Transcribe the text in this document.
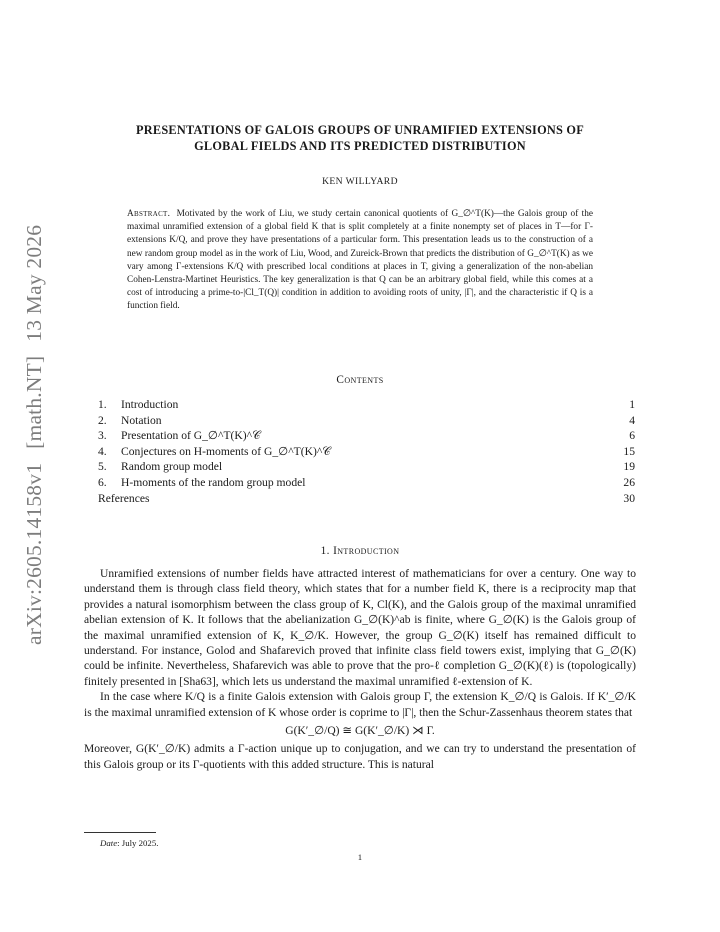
arXiv:2605.14158v1[math.NT]13 May 2026
PRESENTATIONS OF GALOIS GROUPS OF UNRAMIFIED EXTENSIONS OF
GLOBAL FIELDS AND ITS PREDICTED DISTRIBUTION
KEN WILLYARD
Abstract. Motivated by the work of Liu, we study certain canonical quotients of G_∅^T(K)—the Galois group of the maximal unramified extension of a global field K that is split completely at a finite nonempty set of places in T—for Γ-extensions K/Q, and prove they have presentations of a particular form. This presentation leads us to the construction of a new random group model as in the work of Liu, Wood, and Zureick-Brown that predicts the distribution of G_∅^T(K) as we vary among Γ-extensions K/Q with prescribed local conditions at places in T, giving a generalization of the non-abelian Cohen-Lenstra-Martinet Heuristics. The key generalization is that Q can be an arbitrary global field, while this comes at a cost of introducing a prime-to-|Cl_T(Q)| condition in addition to avoiding roots of unity, |Γ|, and the characteristic if Q is a function field.
Contents
1.	Introduction	1
2.	Notation	4
3.	Presentation of G_∅^T(K)^𝒞	6
4.	Conjectures on H-moments of G_∅^T(K)^𝒞	15
5.	Random group model	19
6.	H-moments of the random group model	26
References	30
1. Introduction

Unramified extensions of number fields have attracted interest of mathematicians for over a century. One way to understand them is through class field theory, which states that for a number field K, there is a reciprocity map that provides a natural isomorphism between the class group of K, Cl(K), and the Galois group of the maximal unramified abelian extension of K. It follows that the abelianization G_∅(K)^ab is finite, where G_∅(K) is the Galois group of the maximal unramified extension of K, K_∅/K. However, the group G_∅(K) itself has remained difficult to understand. For instance, Golod and Shafarevich proved that infinite class field towers exist, implying that G_∅(K) could be infinite. Nevertheless, Shafarevich was able to prove that the pro-ℓ completion G_∅(K)(ℓ) is (topologically) finitely presented in [Sha63], which lets us understand the maximal unramified ℓ-extension of K.

In the case where K/Q is a finite Galois extension with Galois group Γ, the extension K_∅/Q is Galois. If K′_∅/K is the maximal unramified extension of K whose order is coprime to |Γ|, then the Schur-Zassenhaus theorem states that

G(K′_∅/Q) ≅ G(K′_∅/K) ⋊ Γ.

Moreover, G(K′_∅/K) admits a Γ-action unique up to conjugation, and we can try to understand the presentation of this Galois group or its Γ-quotients with this added structure. This is natural

Date: July 2025.
1
